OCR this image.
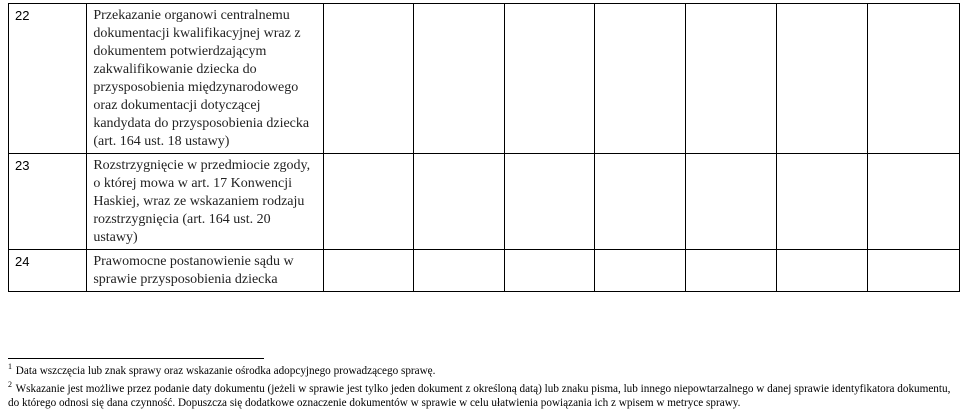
22	Przekazanie organowi centralnemu dokumentacji kwalifikacyjnej wraz z dokumentem potwierdzającym zakwalifikowanie dziecka do przysposobienia międzynarodowego oraz dokumentacji dotyczącej kandydata do przysposobienia dziecka (art. 164 ust. 18 ustawy)							
23	Rozstrzygnięcie w przedmiocie zgody, o której mowa w art. 17 Konwencji Haskiej, wraz ze wskazaniem rodzaju rozstrzygnięcia (art. 164 ust. 20 ustawy)							
24	Prawomocne postanowienie sądu w sprawie przysposobienia dziecka							

$^1$ Data wszczęcia lub znak sprawy oraz wskazanie ośrodka adopcyjnego prowadzącego sprawę.

$^2$ Wskazanie jest możliwe przez podanie daty dokumentu (jeżeli w sprawie jest tylko jeden dokument z określoną datą) lub znaku pisma, lub innego niepowtarzalnego w danej sprawie identyfikatora dokumentu, do którego odnosi się dana czynność. Dopuszcza się dodatkowe oznaczenie dokumentów w sprawie w celu ułatwienia powiązania ich z wpisem w metryce sprawy.
